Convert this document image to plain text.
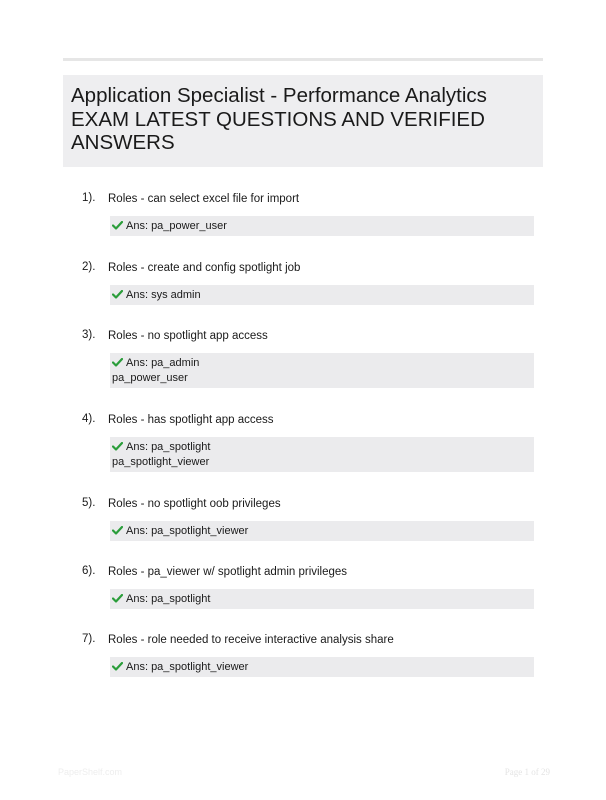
Application Specialist - Performance Analytics
EXAM LATEST QUESTIONS AND VERIFIED
ANSWERS
1). Roles - can select excel file for import
Ans: pa_power_user
2). Roles - create and config spotlight job
Ans: sys admin
3). Roles - no spotlight app access
Ans: pa_admin
pa_power_user
4). Roles - has spotlight app access
Ans: pa_spotlight
pa_spotlight_viewer
5). Roles - no spotlight oob privileges
Ans: pa_spotlight_viewer
6). Roles - pa_viewer w/ spotlight admin privileges
Ans: pa_spotlight
7). Roles - role needed to receive interactive analysis share
Ans: pa_spotlight_viewer
PaperShelf.com	Page 1 of 29
